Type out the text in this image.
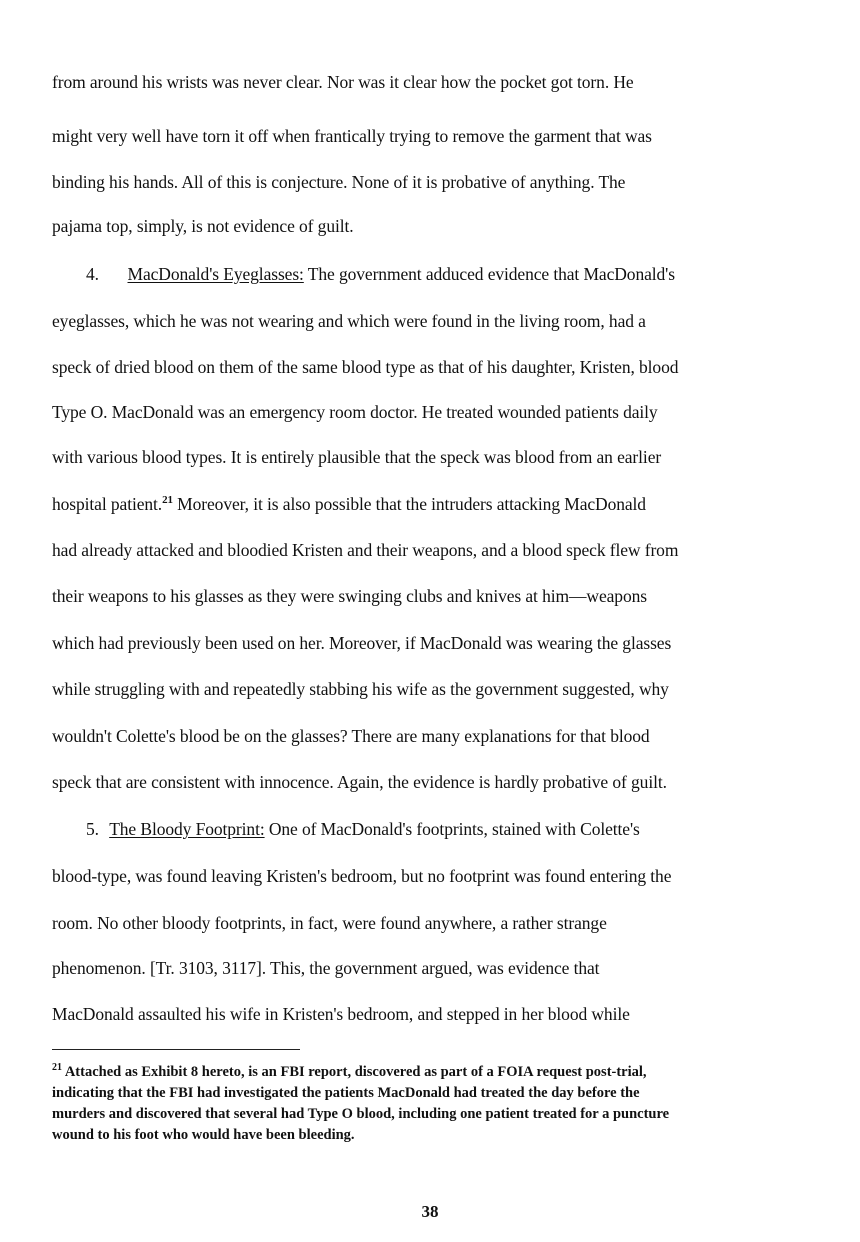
from around his wrists was never clear. Nor was it clear how the pocket got torn. He
might very well have torn it off when frantically trying to remove the garment that was
binding his hands. All of this is conjecture. None of it is probative of anything. The
pajama top, simply, is not evidence of guilt.
4. MacDonald's Eyeglasses: The government adduced evidence that MacDonald's
eyeglasses, which he was not wearing and which were found in the living room, had a
speck of dried blood on them of the same blood type as that of his daughter, Kristen, blood
Type O. MacDonald was an emergency room doctor. He treated wounded patients daily
with various blood types. It is entirely plausible that the speck was blood from an earlier
hospital patient.$^{21}$ Moreover, it is also possible that the intruders attacking MacDonald
had already attacked and bloodied Kristen and their weapons, and a blood speck flew from
their weapons to his glasses as they were swinging clubs and knives at him—weapons
which had previously been used on her. Moreover, if MacDonald was wearing the glasses
while struggling with and repeatedly stabbing his wife as the government suggested, why
wouldn't Colette's blood be on the glasses? There are many explanations for that blood
speck that are consistent with innocence. Again, the evidence is hardly probative of guilt.
5. The Bloody Footprint: One of MacDonald's footprints, stained with Colette's
blood-type, was found leaving Kristen's bedroom, but no footprint was found entering the
room. No other bloody footprints, in fact, were found anywhere, a rather strange
phenomenon. [Tr. 3103, 3117]. This, the government argued, was evidence that
MacDonald assaulted his wife in Kristen's bedroom, and stepped in her blood while
$^{21}$ Attached as Exhibit 8 hereto, is an FBI report, discovered as part of a FOIA request post-trial,
indicating that the FBI had investigated the patients MacDonald had treated the day before the
murders and discovered that several had Type O blood, including one patient treated for a puncture
wound to his foot who would have been bleeding.
38
